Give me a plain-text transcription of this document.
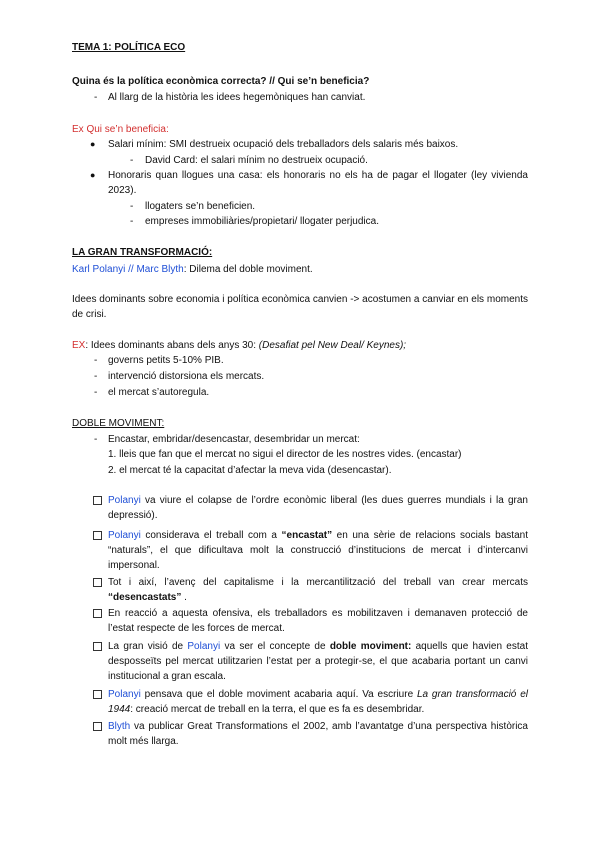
TEMA 1: POLÍTICA ECO
Quina és la política econòmica correcta? // Qui se’n beneficia?
- Al llarg de la història les idees hegemòniques han canviat.
Ex Qui se’n beneficia:
● Salari mínim: SMI destrueix ocupació dels treballadors dels salaris més baixos.
- David Card: el salari mínim no destrueix ocupació.
● Honoraris quan llogues una casa: els honoraris no els ha de pagar el llogater (ley vivienda 2023).
- llogaters se’n beneficien.
- empreses immobiliàries/propietari/ llogater perjudica.
LA GRAN TRANSFORMACIÓ:
Karl Polanyi // Marc Blyth: Dilema del doble moviment.
Idees dominants sobre economia i política econòmica canvien -> acostumen a canviar en els moments de crisi.
EX: Idees dominants abans dels anys 30: (Desafiat pel New Deal/ Keynes);
- governs petits 5-10% PIB.
- intervenció distorsiona els mercats.
- el mercat s’autoregula.
DOBLE MOVIMENT:
- Encastar, embridar/desencastar, desembridar un mercat:
1. lleis que fan que el mercat no sigui el director de les nostres vides. (encastar)
2. el mercat té la capacitat d’afectar la meva vida (desencastar).
Polanyi va viure el colapse de l’ordre econòmic liberal (les dues guerres mundials i la gran depressió).
Polanyi considerava el treball com a “encastat” en una sèrie de relacions socials bastant “naturals”, el que dificultava molt la construcció d’institucions de mercat i d’intercanvi impersonal.
Tot i així, l’avenç del capitalisme i la mercantilització del treball van crear mercats “desencastats” .
En reacció a aquesta ofensiva, els treballadors es mobilitzaven i demanaven protecció de l’estat respecte de les forces de mercat.
La gran visió de Polanyi va ser el concepte de doble moviment: aquells que havien estat desposseïts pel mercat utilitzarien l’estat per a protegir-se, el que acabaria portant un canvi institucional a gran escala.
Polanyi pensava que el doble moviment acabaria aquí. Va escriure La gran transformació el 1944: creació mercat de treball en la terra, el que es fa es desembridar.
Blyth va publicar Great Transformations el 2002, amb l’avantatge d’una perspectiva històrica molt més llarga.
